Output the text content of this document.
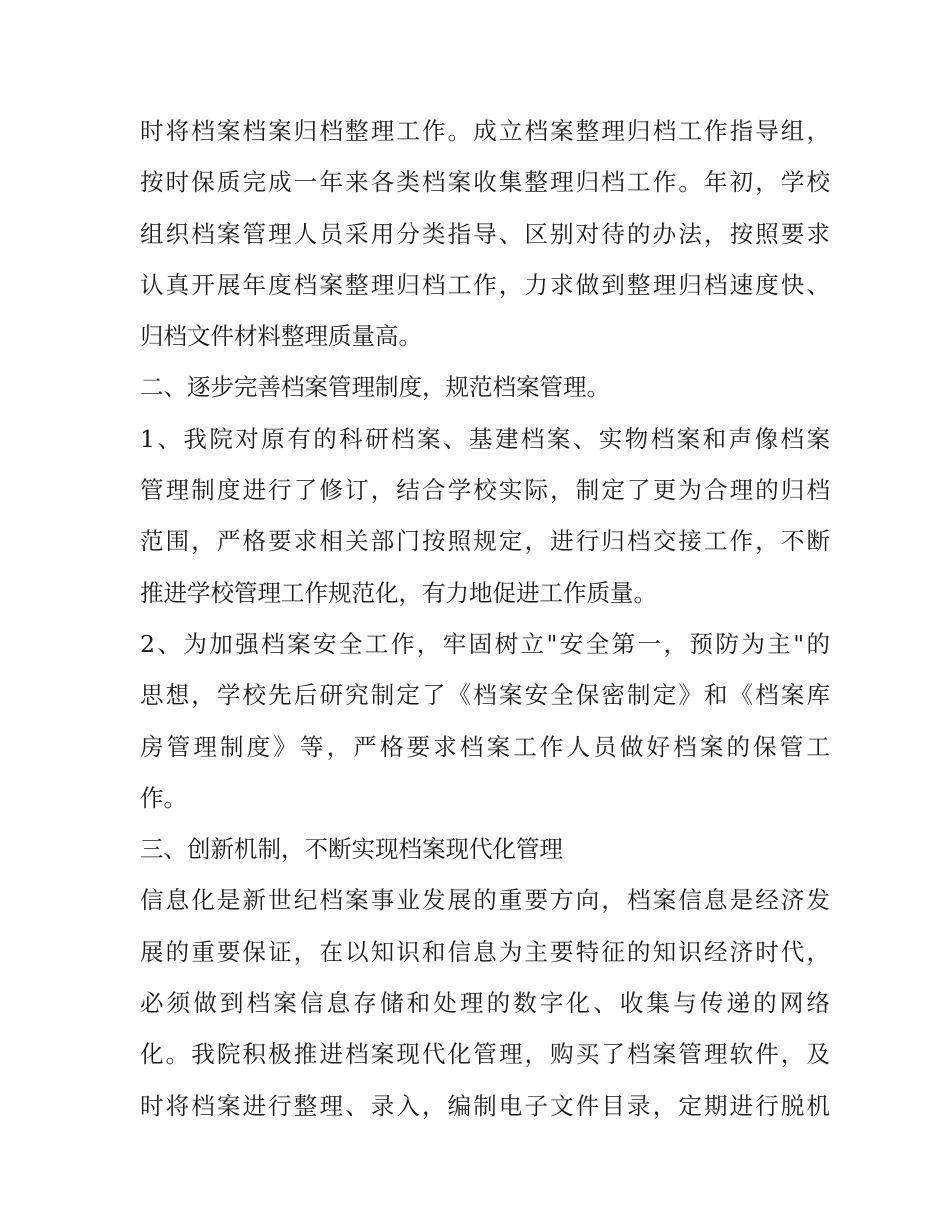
时将档案档案归档整理工作。成立档案整理归档工作指导组，
按时保质完成一年来各类档案收集整理归档工作。年初，学校
组织档案管理人员采用分类指导、区别对待的办法，按照要求
认真开展年度档案整理归档工作，力求做到整理归档速度快、
归档文件材料整理质量高。
二、逐步完善档案管理制度，规范档案管理。
1、我院对原有的科研档案、基建档案、实物档案和声像档案
管理制度进行了修订，结合学校实际，制定了更为合理的归档
范围，严格要求相关部门按照规定，进行归档交接工作，不断
推进学校管理工作规范化，有力地促进工作质量。
2、为加强档案安全工作，牢固树立"安全第一，预防为主"的
思想，学校先后研究制定了《档案安全保密制定》和《档案库
房管理制度》等，严格要求档案工作人员做好档案的保管工
作。
三、创新机制，不断实现档案现代化管理
信息化是新世纪档案事业发展的重要方向，档案信息是经济发
展的重要保证，在以知识和信息为主要特征的知识经济时代，
必须做到档案信息存储和处理的数字化、收集与传递的网络
化。我院积极推进档案现代化管理，购买了档案管理软件，及
时将档案进行整理、录入，编制电子文件目录，定期进行脱机
